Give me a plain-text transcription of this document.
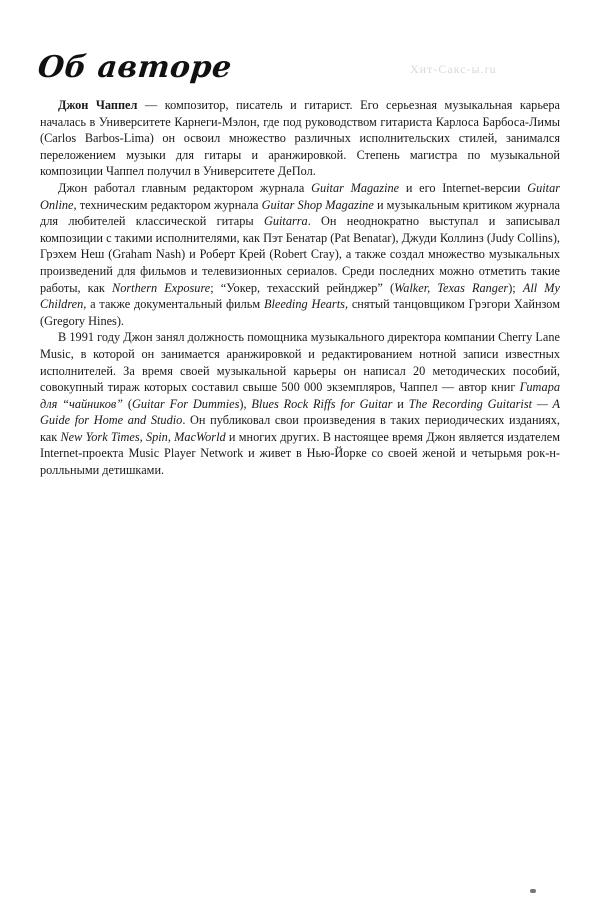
Хит-Сакс-ы.ru
Об авторе

Джон Чаппел — композитор, писатель и гитарист. Его серьезная музыкальная карьера началась в Университете Карнеги-Мэлон, где под руководством гитариста Карлоса Барбоса-Лимы (Carlos Barbos-Lima) он освоил множество различных исполнительских стилей, занимался переложением музыки для гитары и аранжировкой. Степень магистра по музыкальной композиции Чаппел получил в Университете ДеПол.

Джон работал главным редактором журнала Guitar Magazine и его Internet-версии Guitar Online, техническим редактором журнала Guitar Shop Magazine и музыкальным критиком журнала для любителей классической гитары Guitarra. Он неоднократно выступал и записывал композиции с такими исполнителями, как Пэт Бенатар (Pat Benatar), Джуди Коллинз (Judy Collins), Грэхем Неш (Graham Nash) и Роберт Крей (Robert Cray), а также создал множество музыкальных произведений для фильмов и телевизионных сериалов. Среди последних можно отметить такие работы, как Northern Exposure; “Уокер, техасский рейнджер” (Walker, Texas Ranger); All My Children, а также документальный фильм Bleeding Hearts, снятый танцовщиком Грэгори Хайнзом (Gregory Hines).

В 1991 году Джон занял должность помощника музыкального директора компании Cherry Lane Music, в которой он занимается аранжировкой и редактированием нотной записи известных исполнителей. За время своей музыкальной карьеры он написал 20 методических пособий, совокупный тираж которых составил свыше 500 000 экземпляров, Чаппел — автор книг Гитара для “чайников” (Guitar For Dummies), Blues Rock Riffs for Guitar и The Recording Guitarist — A Guide for Home and Studio. Он публиковал свои произведения в таких периодических изданиях, как New York Times, Spin, MacWorld и многих других. В настоящее время Джон является издателем Internet-проекта Music Player Network и живет в Нью-Йорке со своей женой и четырьмя рок-н-ролльными детишками.
